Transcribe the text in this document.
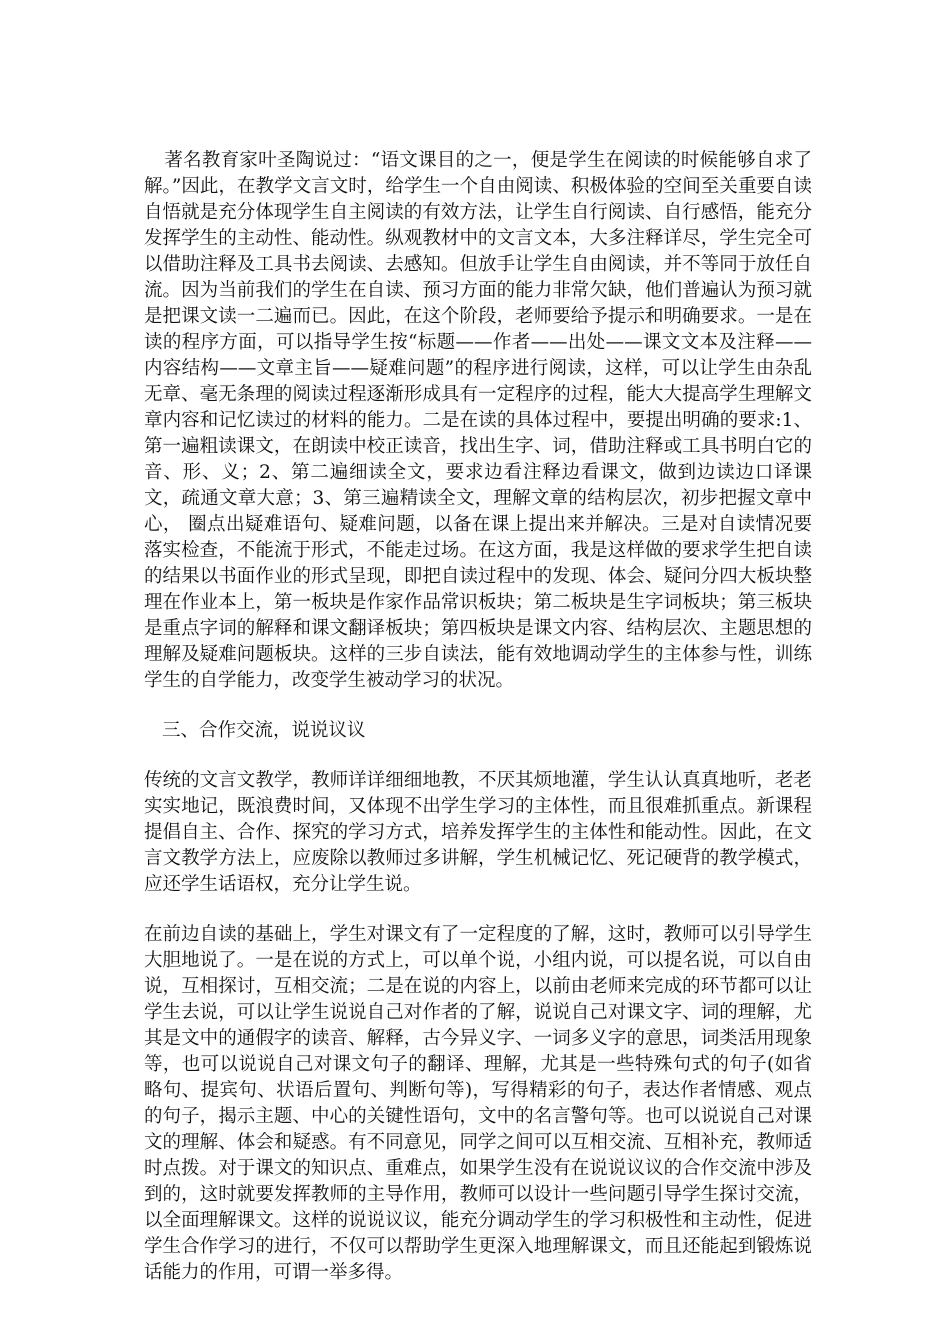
著名教育家叶圣陶说过：“语文课目的之一，便是学生在阅读的时候能够自求了解。”因此，在教学文言文时，给学生一个自由阅读、积极体验的空间至关重要自读自悟就是充分体现学生自主阅读的有效方法，让学生自行阅读、自行感悟，能充分发挥学生的主动性、能动性。纵观教材中的文言文本，大多注释详尽，学生完全可以借助注释及工具书去阅读、去感知。但放手让学生自由阅读，并不等同于放任自流。因为当前我们的学生在自读、预习方面的能力非常欠缺，他们普遍认为预习就是把课文读一二遍而已。因此，在这个阶段，老师要给予提示和明确要求。一是在读的程序方面，可以指导学生按“标题——作者——出处——课文文本及注释——内容结构——文章主旨——疑难问题”的程序进行阅读，这样，可以让学生由杂乱无章、毫无条理的阅读过程逐渐形成具有一定程序的过程，能大大提高学生理解文章内容和记忆读过的材料的能力。二是在读的具体过程中，要提出明确的要求:1、第一遍粗读课文，在朗读中校正读音，找出生字、词，借助注释或工具书明白它的音、形、义；2、第二遍细读全文，要求边看注释边看课文，做到边读边口译课文，疏通文章大意；3、第三遍精读全文，理解文章的结构层次，初步把握文章中心， 圈点出疑难语句、疑难问题，以备在课上提出来并解决。三是对自读情况要落实检查，不能流于形式，不能走过场。在这方面，我是这样做的要求学生把自读的结果以书面作业的形式呈现，即把自读过程中的发现、体会、疑问分四大板块整理在作业本上，第一板块是作家作品常识板块；第二板块是生字词板块；第三板块是重点字词的解释和课文翻译板块；第四板块是课文内容、结构层次、主题思想的理解及疑难问题板块。这样的三步自读法，能有效地调动学生的主体参与性，训练学生的自学能力，改变学生被动学习的状况。

三、合作交流，说说议议

传统的文言文教学，教师详详细细地教，不厌其烦地灌，学生认认真真地听，老老实实地记，既浪费时间，又体现不出学生学习的主体性，而且很难抓重点。新课程提倡自主、合作、探究的学习方式，培养发挥学生的主体性和能动性。因此，在文言文教学方法上，应废除以教师过多讲解，学生机械记忆、死记硬背的教学模式，应还学生话语权，充分让学生说。

在前边自读的基础上，学生对课文有了一定程度的了解，这时，教师可以引导学生大胆地说了。一是在说的方式上，可以单个说，小组内说，可以提名说，可以自由说，互相探讨，互相交流；二是在说的内容上，以前由老师来完成的环节都可以让学生去说，可以让学生说说自己对作者的了解，说说自己对课文字、词的理解，尤其是文中的通假字的读音、解释，古今异义字、一词多义字的意思，词类活用现象等，也可以说说自己对课文句子的翻译、理解，尤其是一些特殊句式的句子(如省略句、提宾句、状语后置句、判断句等)，写得精彩的句子，表达作者情感、观点的句子，揭示主题、中心的关键性语句，文中的名言警句等。也可以说说自己对课文的理解、体会和疑惑。有不同意见，同学之间可以互相交流、互相补充，教师适时点拨。对于课文的知识点、重难点，如果学生没有在说说议议的合作交流中涉及到的，这时就要发挥教师的主导作用，教师可以设计一些问题引导学生探讨交流，以全面理解课文。这样的说说议议，能充分调动学生的学习积极性和主动性，促进学生合作学习的进行，不仅可以帮助学生更深入地理解课文，而且还能起到锻炼说话能力的作用，可谓一举多得。
